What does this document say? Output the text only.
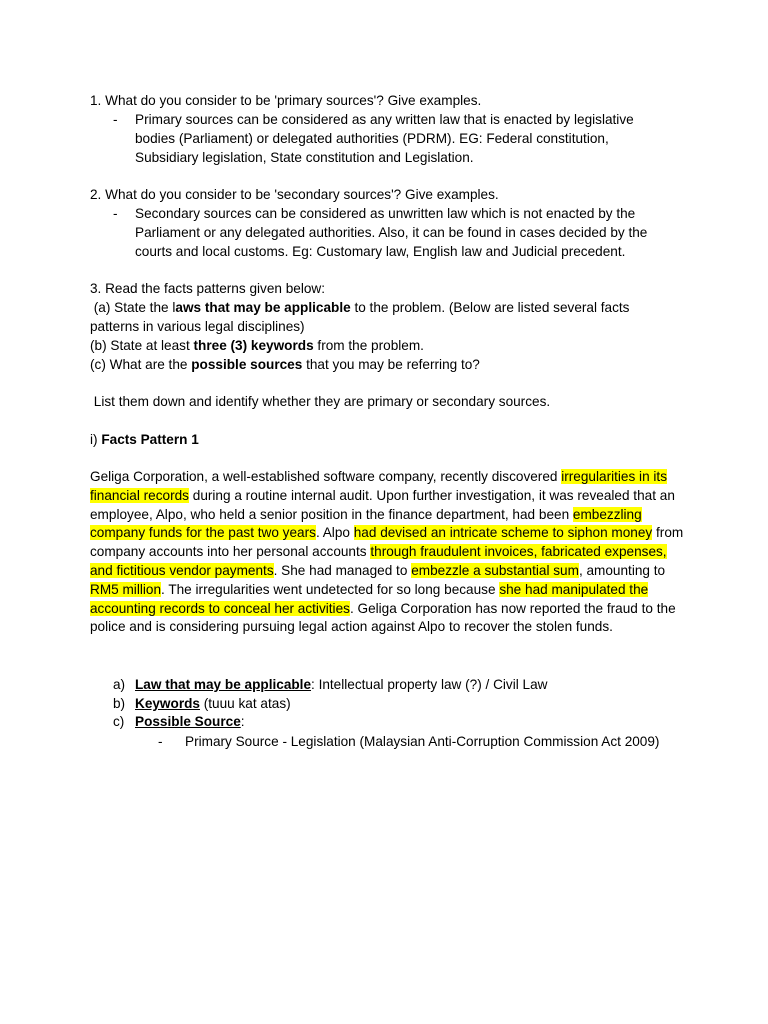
1. What do you consider to be 'primary sources'? Give examples.
- Primary sources can be considered as any written law that is enacted by legislative
bodies (Parliament) or delegated authorities (PDRM). EG: Federal constitution,
Subsidiary legislation, State constitution and Legislation.
2. What do you consider to be 'secondary sources'? Give examples.
- Secondary sources can be considered as unwritten law which is not enacted by the
Parliament or any delegated authorities. Also, it can be found in cases decided by the
courts and local customs. Eg: Customary law, English law and Judicial precedent.
3. Read the facts patterns given below:
(a) State the laws that may be applicable to the problem. (Below are listed several facts
patterns in various legal disciplines)
(b) State at least three (3) keywords from the problem.
(c) What are the possible sources that you may be referring to?
List them down and identify whether they are primary or secondary sources.
i) Facts Pattern 1
Geliga Corporation, a well-established software company, recently discovered irregularities in its financial records during a routine internal audit. Upon further investigation, it was revealed that an employee, Alpo, who held a senior position in the finance department, had been embezzling company funds for the past two years. Alpo had devised an intricate scheme to siphon money from company accounts into her personal accounts through fraudulent invoices, fabricated expenses, and fictitious vendor payments. She had managed to embezzle a substantial sum, amounting to RM5 million. The irregularities went undetected for so long because she had manipulated the accounting records to conceal her activities. Geliga Corporation has now reported the fraud to the police and is considering pursuing legal action against Alpo to recover the stolen funds.
a) Law that may be applicable: Intellectual property law (?) / Civil Law
b) Keywords (tuuu kat atas)
c) Possible Source:
- Primary Source - Legislation (Malaysian Anti-Corruption Commission Act 2009)
